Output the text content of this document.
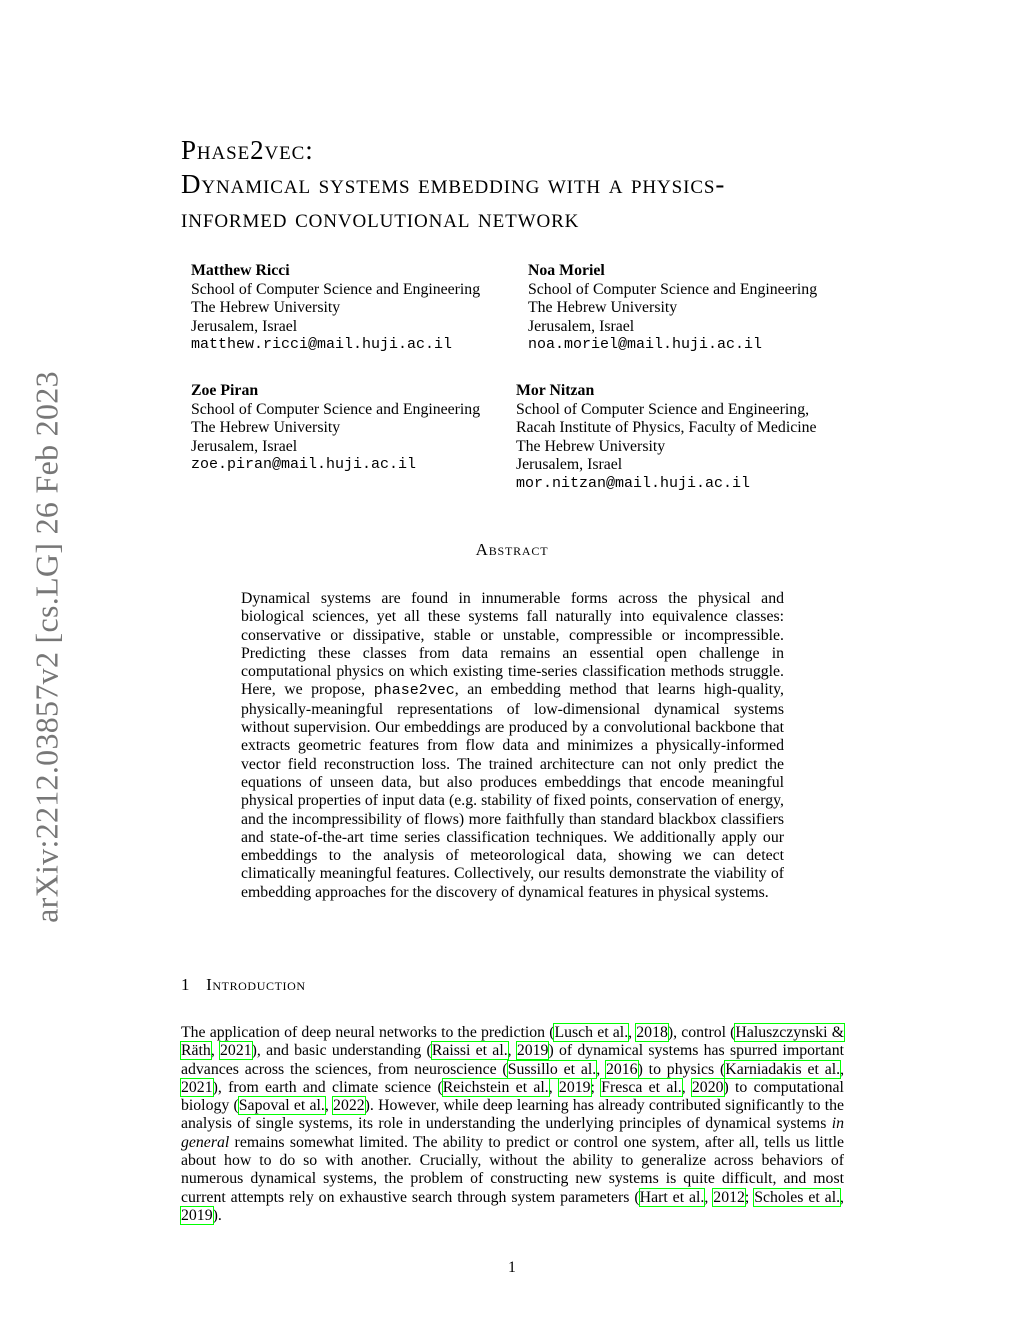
arXiv:2212.03857v2 [cs.LG] 26 Feb 2023
Phase2vec:
Dynamical systems embedding with a physics-
informed convolutional network
Matthew Ricci
School of Computer Science and Engineering
The Hebrew University
Jerusalem, Israel
matthew.ricci@mail.huji.ac.il
Noa Moriel
School of Computer Science and Engineering
The Hebrew University
Jerusalem, Israel
noa.moriel@mail.huji.ac.il
Zoe Piran
School of Computer Science and Engineering
The Hebrew University
Jerusalem, Israel
zoe.piran@mail.huji.ac.il
Mor Nitzan
School of Computer Science and Engineering,
Racah Institute of Physics, Faculty of Medicine
The Hebrew University
Jerusalem, Israel
mor.nitzan@mail.huji.ac.il
Abstract
Dynamical systems are found in innumerable forms across the physical and biological sciences, yet all these systems fall naturally into equivalence classes: conservative or dissipative, stable or unstable, compressible or incompressible. Predicting these classes from data remains an essential open challenge in computational physics on which existing time-series classification methods struggle. Here, we propose, phase2vec, an embedding method that learns high-quality, physically-meaningful representations of low-dimensional dynamical systems without supervision. Our embeddings are produced by a convolutional backbone that extracts geometric features from flow data and minimizes a physically-informed vector field reconstruction loss. The trained architecture can not only predict the equations of unseen data, but also produces embeddings that encode meaningful physical properties of input data (e.g. stability of fixed points, conservation of energy, and the incompressibility of flows) more faithfully than standard blackbox classifiers and state-of-the-art time series classification techniques. We additionally apply our embeddings to the analysis of meteorological data, showing we can detect climatically meaningful features. Collectively, our results demonstrate the viability of embedding approaches for the discovery of dynamical features in physical systems.
1 Introduction
The application of deep neural networks to the prediction (Lusch et al., 2018), control (Haluszczynski & Räth, 2021), and basic understanding (Raissi et al., 2019) of dynamical systems has spurred important advances across the sciences, from neuroscience (Sussillo et al., 2016) to physics (Karniadakis et al., 2021), from earth and climate science (Reichstein et al., 2019; Fresca et al., 2020) to computational biology (Sapoval et al., 2022). However, while deep learning has already contributed significantly to the analysis of single systems, its role in understanding the underlying principles of dynamical systems in general remains somewhat limited. The ability to predict or control one system, after all, tells us little about how to do so with another. Crucially, without the ability to generalize across behaviors of numerous dynamical systems, the problem of constructing new systems is quite difficult, and most current attempts rely on exhaustive search through system parameters (Hart et al., 2012; Scholes et al., 2019).
1
